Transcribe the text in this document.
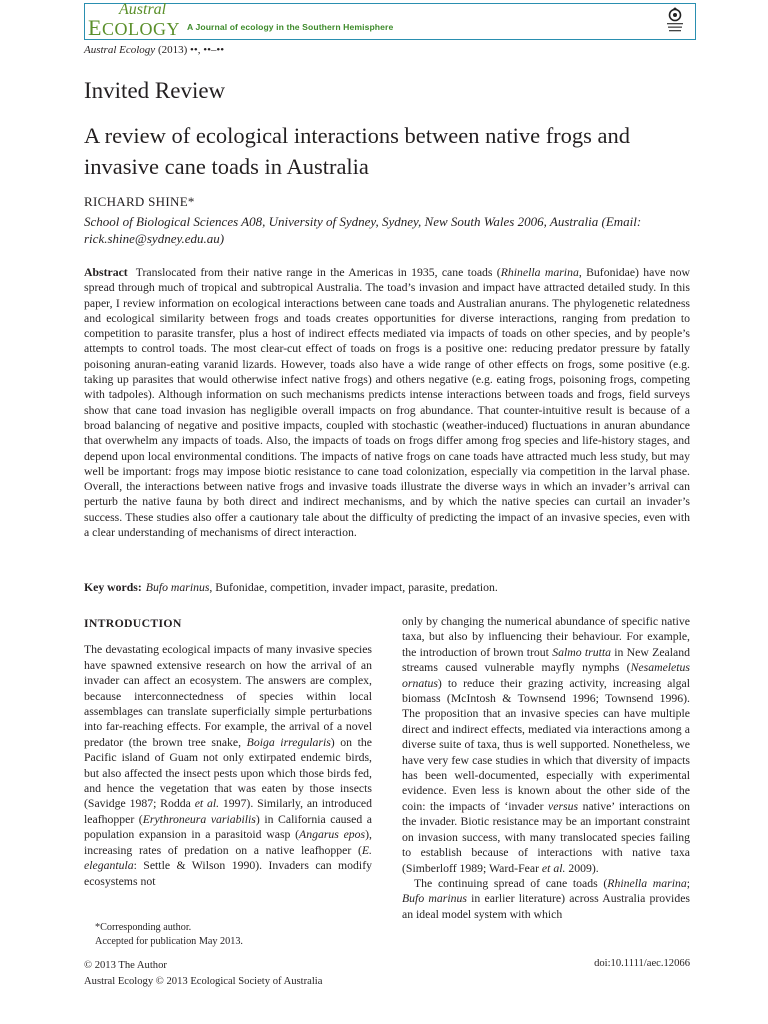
Austral
ECOLOGY A Journal of ecology in the Southern Hemisphere
Austral Ecology (2013) ••, ••–••
Invited Review
A review of ecological interactions between native frogs and invasive cane toads in Australia
RICHARD SHINE*
School of Biological Sciences A08, University of Sydney, Sydney, New South Wales 2006, Australia (Email: rick.shine@sydney.edu.au)
Abstract Translocated from their native range in the Americas in 1935, cane toads (Rhinella marina, Bufonidae) have now spread through much of tropical and subtropical Australia. The toad’s invasion and impact have attracted detailed study. In this paper, I review information on ecological interactions between cane toads and Australian anurans. The phylogenetic relatedness and ecological similarity between frogs and toads creates opportunities for diverse interactions, ranging from predation to competition to parasite transfer, plus a host of indirect effects mediated via impacts of toads on other species, and by people’s attempts to control toads. The most clear-cut effect of toads on frogs is a positive one: reducing predator pressure by fatally poisoning anuran-eating varanid lizards. However, toads also have a wide range of other effects on frogs, some positive (e.g. taking up parasites that would otherwise infect native frogs) and others negative (e.g. eating frogs, poisoning frogs, competing with tadpoles). Although information on such mechanisms predicts intense interactions between toads and frogs, field surveys show that cane toad invasion has negligible overall impacts on frog abundance. That counter-intuitive result is because of a broad balancing of negative and positive impacts, coupled with stochastic (weather-induced) fluctuations in anuran abundance that overwhelm any impacts of toads. Also, the impacts of toads on frogs differ among frog species and life-history stages, and depend upon local environmental conditions. The impacts of native frogs on cane toads have attracted much less study, but may well be important: frogs may impose biotic resistance to cane toad colonization, especially via competition in the larval phase. Overall, the interactions between native frogs and invasive toads illustrate the diverse ways in which an invader’s arrival can perturb the native fauna by both direct and indirect mechanisms, and by which the native species can curtail an invader’s success. These studies also offer a cautionary tale about the difficulty of predicting the impact of an invasive species, even with a clear understanding of mechanisms of direct interaction.
Key words: Bufo marinus, Bufonidae, competition, invader impact, parasite, predation.
INTRODUCTION

The devastating ecological impacts of many invasive species have spawned extensive research on how the arrival of an invader can affect an ecosystem. The answers are complex, because interconnectedness of species within local assemblages can translate superficially simple perturbations into far-reaching effects. For example, the arrival of a novel predator (the brown tree snake, Boiga irregularis) on the Pacific island of Guam not only extirpated endemic birds, but also affected the insect pests upon which those birds fed, and hence the vegetation that was eaten by those insects (Savidge 1987; Rodda et al. 1997). Similarly, an introduced leafhopper (Erythroneura variabilis) in California caused a population expansion in a parasitoid wasp (Angarus epos), increasing rates of predation on a native leafhopper (E. elegantula: Settle & Wilson 1990). Invaders can modify ecosystems not

only by changing the numerical abundance of specific native taxa, but also by influencing their behaviour. For example, the introduction of brown trout Salmo trutta in New Zealand streams caused vulnerable mayfly nymphs (Nesameletus ornatus) to reduce their grazing activity, increasing algal biomass (McIntosh & Townsend 1996; Townsend 1996). The proposition that an invasive species can have multiple direct and indirect effects, mediated via interactions among a diverse suite of taxa, thus is well supported. Nonetheless, we have very few case studies in which that diversity of impacts has been well-documented, especially with experimental evidence. Even less is known about the other side of the coin: the impacts of ‘invader versus native’ interactions on the invader. Biotic resistance may be an important constraint on invasion success, with many translocated species failing to establish because of interactions with native taxa (Simberloff 1989; Ward-Fear et al. 2009).

The continuing spread of cane toads (Rhinella marina; Bufo marinus in earlier literature) across Australia provides an ideal model system with which

*Corresponding author.
Accepted for publication May 2013.
© 2013 The Author
Austral Ecology © 2013 Ecological Society of Australia
doi:10.1111/aec.12066
